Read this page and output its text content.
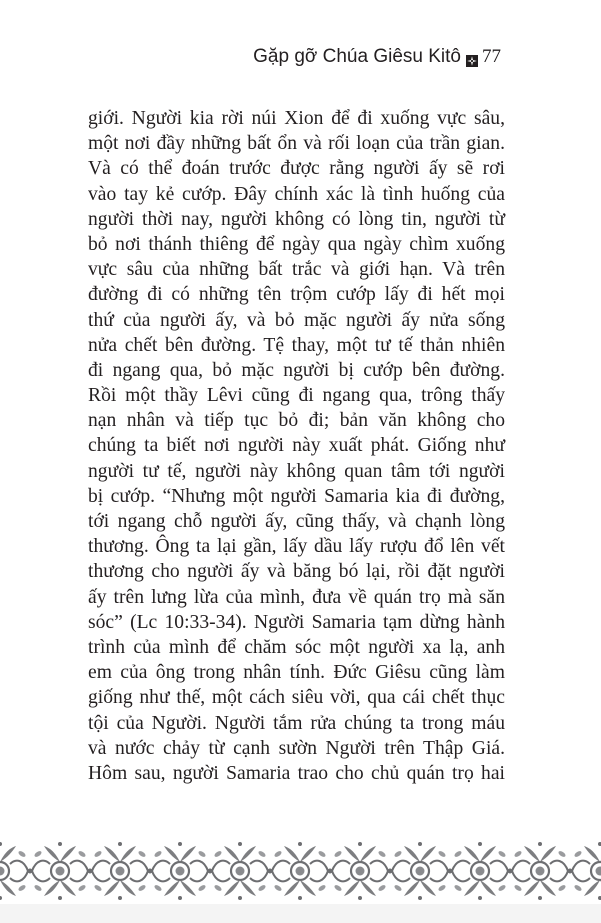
Gặp gỡ Chúa Giêsu Kitô 77
giới. Người kia rời núi Xion để đi xuống vực sâu,
một nơi đầy những bất ổn và rối loạn của trần gian.
Và có thể đoán trước được rằng người ấy sẽ rơi
vào tay kẻ cướp. Đây chính xác là tình huống của
người thời nay, người không có lòng tin, người từ
bỏ nơi thánh thiêng để ngày qua ngày chìm xuống
vực sâu của những bất trắc và giới hạn. Và trên
đường đi có những tên trộm cướp lấy đi hết mọi
thứ của người ấy, và bỏ mặc người ấy nửa sống
nửa chết bên đường. Tệ thay, một tư tế thản nhiên
đi ngang qua, bỏ mặc người bị cướp bên đường.
Rồi một thầy Lêvi cũng đi ngang qua, trông thấy
nạn nhân và tiếp tục bỏ đi; bản văn không cho
chúng ta biết nơi người này xuất phát. Giống như
người tư tế, người này không quan tâm tới người
bị cướp. “Nhưng một người Samaria kia đi đường,
tới ngang chỗ người ấy, cũng thấy, và chạnh lòng
thương. Ông ta lại gần, lấy dầu lấy rượu đổ lên vết
thương cho người ấy và băng bó lại, rồi đặt người
ấy trên lưng lừa của mình, đưa về quán trọ mà săn
sóc” (Lc 10:33-34). Người Samaria tạm dừng hành
trình của mình để chăm sóc một người xa lạ, anh
em của ông trong nhân tính. Đức Giêsu cũng làm
giống như thế, một cách siêu vời, qua cái chết thục
tội của Người. Người tắm rửa chúng ta trong máu
và nước chảy từ cạnh sườn Người trên Thập Giá.
Hôm sau, người Samaria trao cho chủ quán trọ hai
